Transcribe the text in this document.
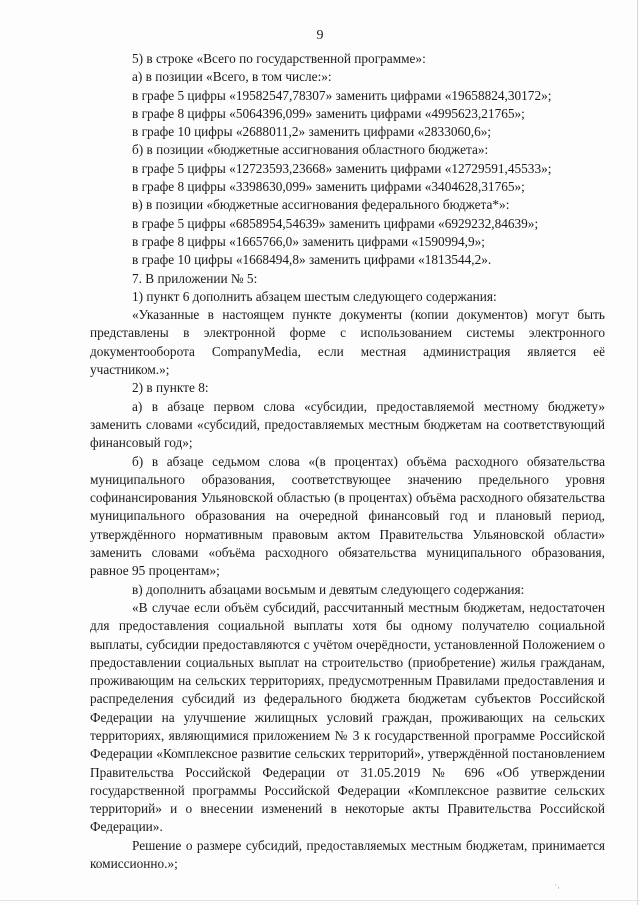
9

5) в строке «Всего по государственной программе»:

а) в позиции «Всего, в том числе:»:

в графе 5 цифры «19582547,78307» заменить цифрами «19658824,30172»;

в графе 8 цифры «5064396,099» заменить цифрами «4995623,21765»;

в графе 10 цифры «2688011,2» заменить цифрами «2833060,6»;

б) в позиции «бюджетные ассигнования областного бюджета»:

в графе 5 цифры «12723593,23668» заменить цифрами «12729591,45533»;

в графе 8 цифры «3398630,099» заменить цифрами «3404628,31765»;

в) в позиции «бюджетные ассигнования федерального бюджета*»:

в графе 5 цифры «6858954,54639» заменить цифрами «6929232,84639»;

в графе 8 цифры «1665766,0» заменить цифрами «1590994,9»;

в графе 10 цифры «1668494,8» заменить цифрами «1813544,2».

7. В приложении № 5:

1) пункт 6 дополнить абзацем шестым следующего содержания:

«Указанные в настоящем пункте документы (копии документов) могут быть представлены в электронной форме с использованием системы электронного документооборота CompanyMedia, если местная администрация является её участником.»;

2) в пункте 8:

а) в абзаце первом слова «субсидии, предоставляемой местному бюджету» заменить словами «субсидий, предоставляемых местным бюджетам на соответствующий финансовый год»;

б) в абзаце седьмом слова «(в процентах) объёма расходного обязательства муниципального образования, соответствующее значению предельного уровня софинансирования Ульяновской областью (в процентах) объёма расходного обязательства муниципального образования на очередной финансовый год и плановый период, утверждённого нормативным правовым актом Правительства Ульяновской области» заменить словами «объёма расходного обязательства муниципального образования, равное 95 процентам»;

в) дополнить абзацами восьмым и девятым следующего содержания:

«В случае если объём субсидий, рассчитанный местным бюджетам, недостаточен для предоставления социальной выплаты хотя бы одному получателю социальной выплаты, субсидии предоставляются с учётом очерёдности, установленной Положением о предоставлении социальных выплат на строительство (приобретение) жилья гражданам, проживающим на сельских территориях, предусмотренным Правилами предоставления и распределения субсидий из федерального бюджета бюджетам субъектов Российской Федерации на улучшение жилищных условий граждан, проживающих на сельских территориях, являющимися приложением № 3 к государственной программе Российской Федерации «Комплексное развитие сельских территорий», утверждённой постановлением Правительства Российской Федерации от 31.05.2019 № 696 «Об утверждении государственной программы Российской Федерации «Комплексное развитие сельских территорий» и о внесении изменений в некоторые акты Правительства Российской Федерации».

Решение о размере субсидий, предоставляемых местным бюджетам, принимается комиссионно.»;

·,
